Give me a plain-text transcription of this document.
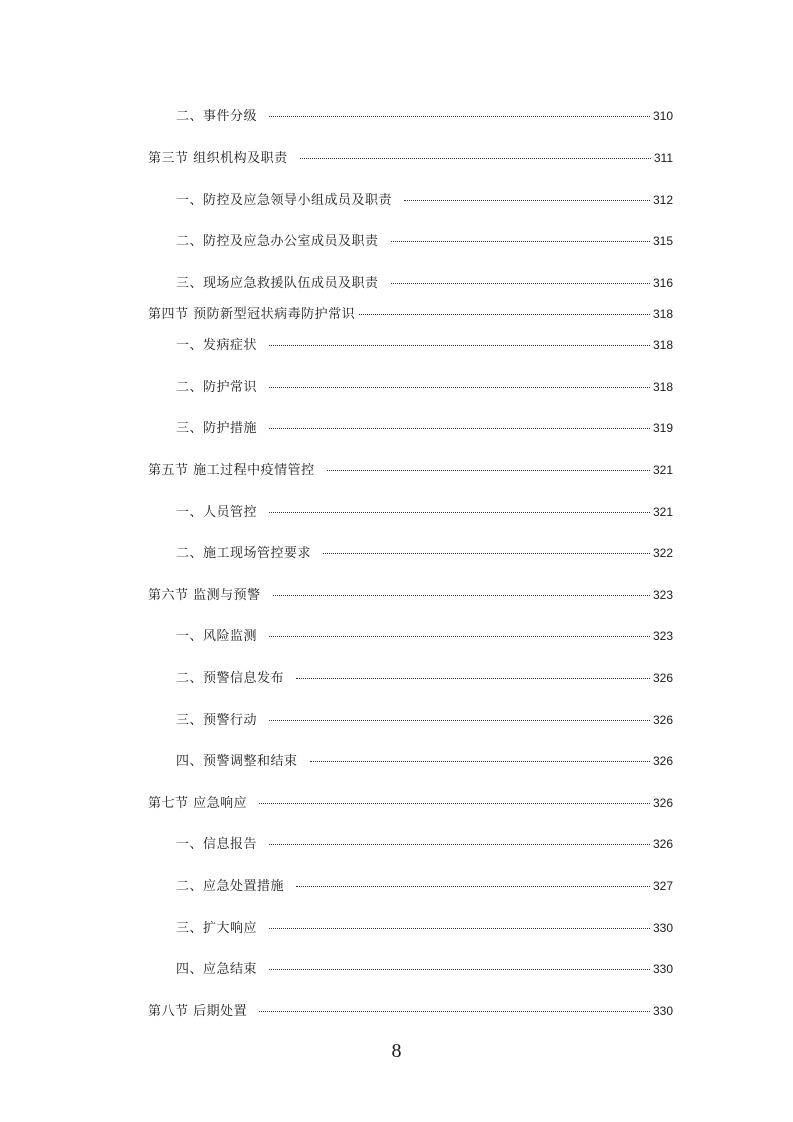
二、事件分级	310
第三节 组织机构及职责	311
一、防控及应急领导小组成员及职责	312
二、防控及应急办公室成员及职责	315
三、现场应急救援队伍成员及职责	316
第四节 预防新型冠状病毒防护常识	318
一、发病症状	318
二、防护常识	318
三、防护措施	319
第五节 施工过程中疫情管控	321
一、人员管控	321
二、施工现场管控要求	322
第六节 监测与预警	323
一、风险监测	323
二、预警信息发布	326
三、预警行动	326
四、预警调整和结束	326
第七节 应急响应	326
一、信息报告	326
二、应急处置措施	327
三、扩大响应	330
四、应急结束	330
第八节 后期处置	330
8
